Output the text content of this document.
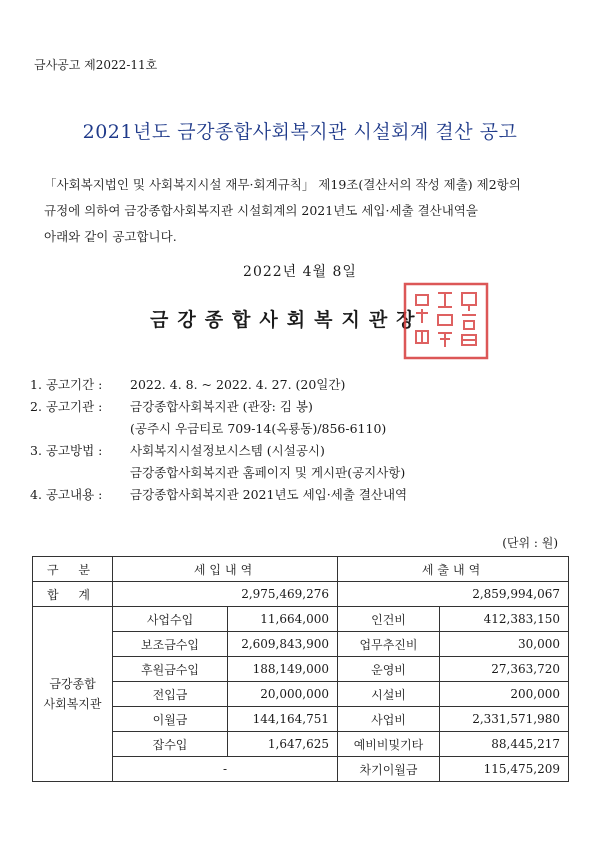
금사공고 제2022-11호
2021년도 금강종합사회복지관 시설회계 결산 공고

「사회복지법인 및 사회복지시설 재무·회계규칙」 제19조(결산서의 작성 제출) 제2항의

규정에 의하여 금강종합사회복지관 시설회계의 2021년도 세입·세출 결산내역을

아래와 같이 공고합니다.

2022년 4월 8일
금강종합사회복지관장
1. 공고기간 : 2022. 4. 8. ~ 2022. 4. 27. (20일간)
2. 공고기관 : 금강종합사회복지관 (관장: 김 봉)
(공주시 우금티로 709-14(옥룡동)/856-6110)
3. 공고방법 : 사회복지시설정보시스템 (시설공시)
금강종합사회복지관 홈페이지 및 게시판(공지사항)
4. 공고내용 : 금강종합사회복지관 2021년도 세입·세출 결산내역
(단위 : 원)
구 분	세입내역		세출내역	
합 계	2,975,469,276		2,859,994,067	
금강종합
사회복지관	사업수입	11,664,000	인건비	412,383,150
	보조금수입	2,609,843,900	업무추진비	30,000
	후원금수입	188,149,000	운영비	27,363,720
	전입금	20,000,000	시설비	200,000
	이월금	144,164,751	사업비	2,331,571,980
	잡수입	1,647,625	예비비및기타	88,445,217
	-		차기이월금	115,475,209
